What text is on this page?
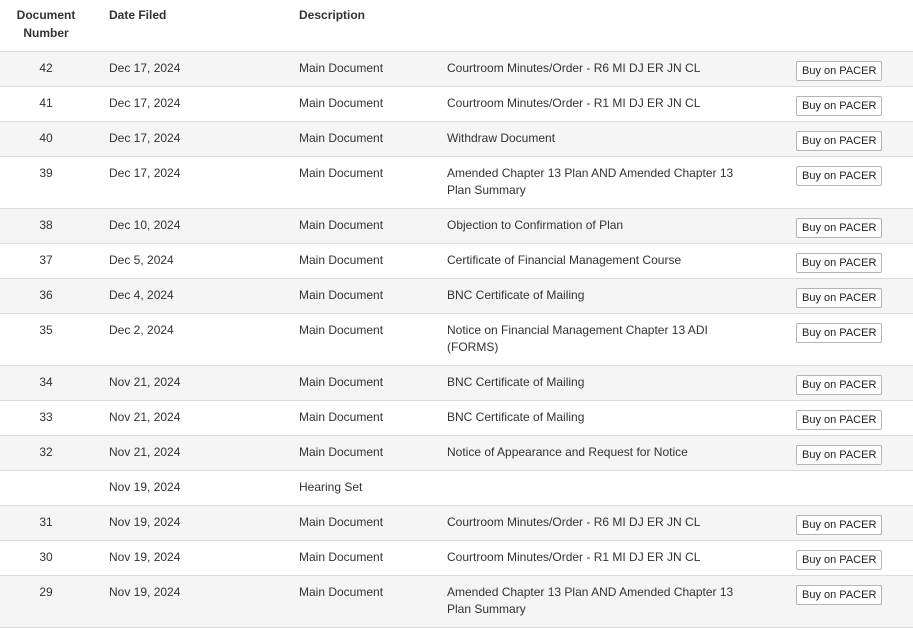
Document
Number	Date Filed	Description		
42	Dec 17, 2024	Main Document	Courtroom Minutes/Order - R6 MI DJ ER JN CL	Buy on PACER
41	Dec 17, 2024	Main Document	Courtroom Minutes/Order - R1 MI DJ ER JN CL	Buy on PACER
40	Dec 17, 2024	Main Document	Withdraw Document	Buy on PACER
39	Dec 17, 2024	Main Document	Amended Chapter 13 Plan AND Amended Chapter 13 Plan Summary	Buy on PACER
38	Dec 10, 2024	Main Document	Objection to Confirmation of Plan	Buy on PACER
37	Dec 5, 2024	Main Document	Certificate of Financial Management Course	Buy on PACER
36	Dec 4, 2024	Main Document	BNC Certificate of Mailing	Buy on PACER
35	Dec 2, 2024	Main Document	Notice on Financial Management Chapter 13 ADI (FORMS)	Buy on PACER
34	Nov 21, 2024	Main Document	BNC Certificate of Mailing	Buy on PACER
33	Nov 21, 2024	Main Document	BNC Certificate of Mailing	Buy on PACER
32	Nov 21, 2024	Main Document	Notice of Appearance and Request for Notice	Buy on PACER
	Nov 19, 2024	Hearing Set		
31	Nov 19, 2024	Main Document	Courtroom Minutes/Order - R6 MI DJ ER JN CL	Buy on PACER
30	Nov 19, 2024	Main Document	Courtroom Minutes/Order - R1 MI DJ ER JN CL	Buy on PACER
29	Nov 19, 2024	Main Document	Amended Chapter 13 Plan AND Amended Chapter 13 Plan Summary	Buy on PACER
